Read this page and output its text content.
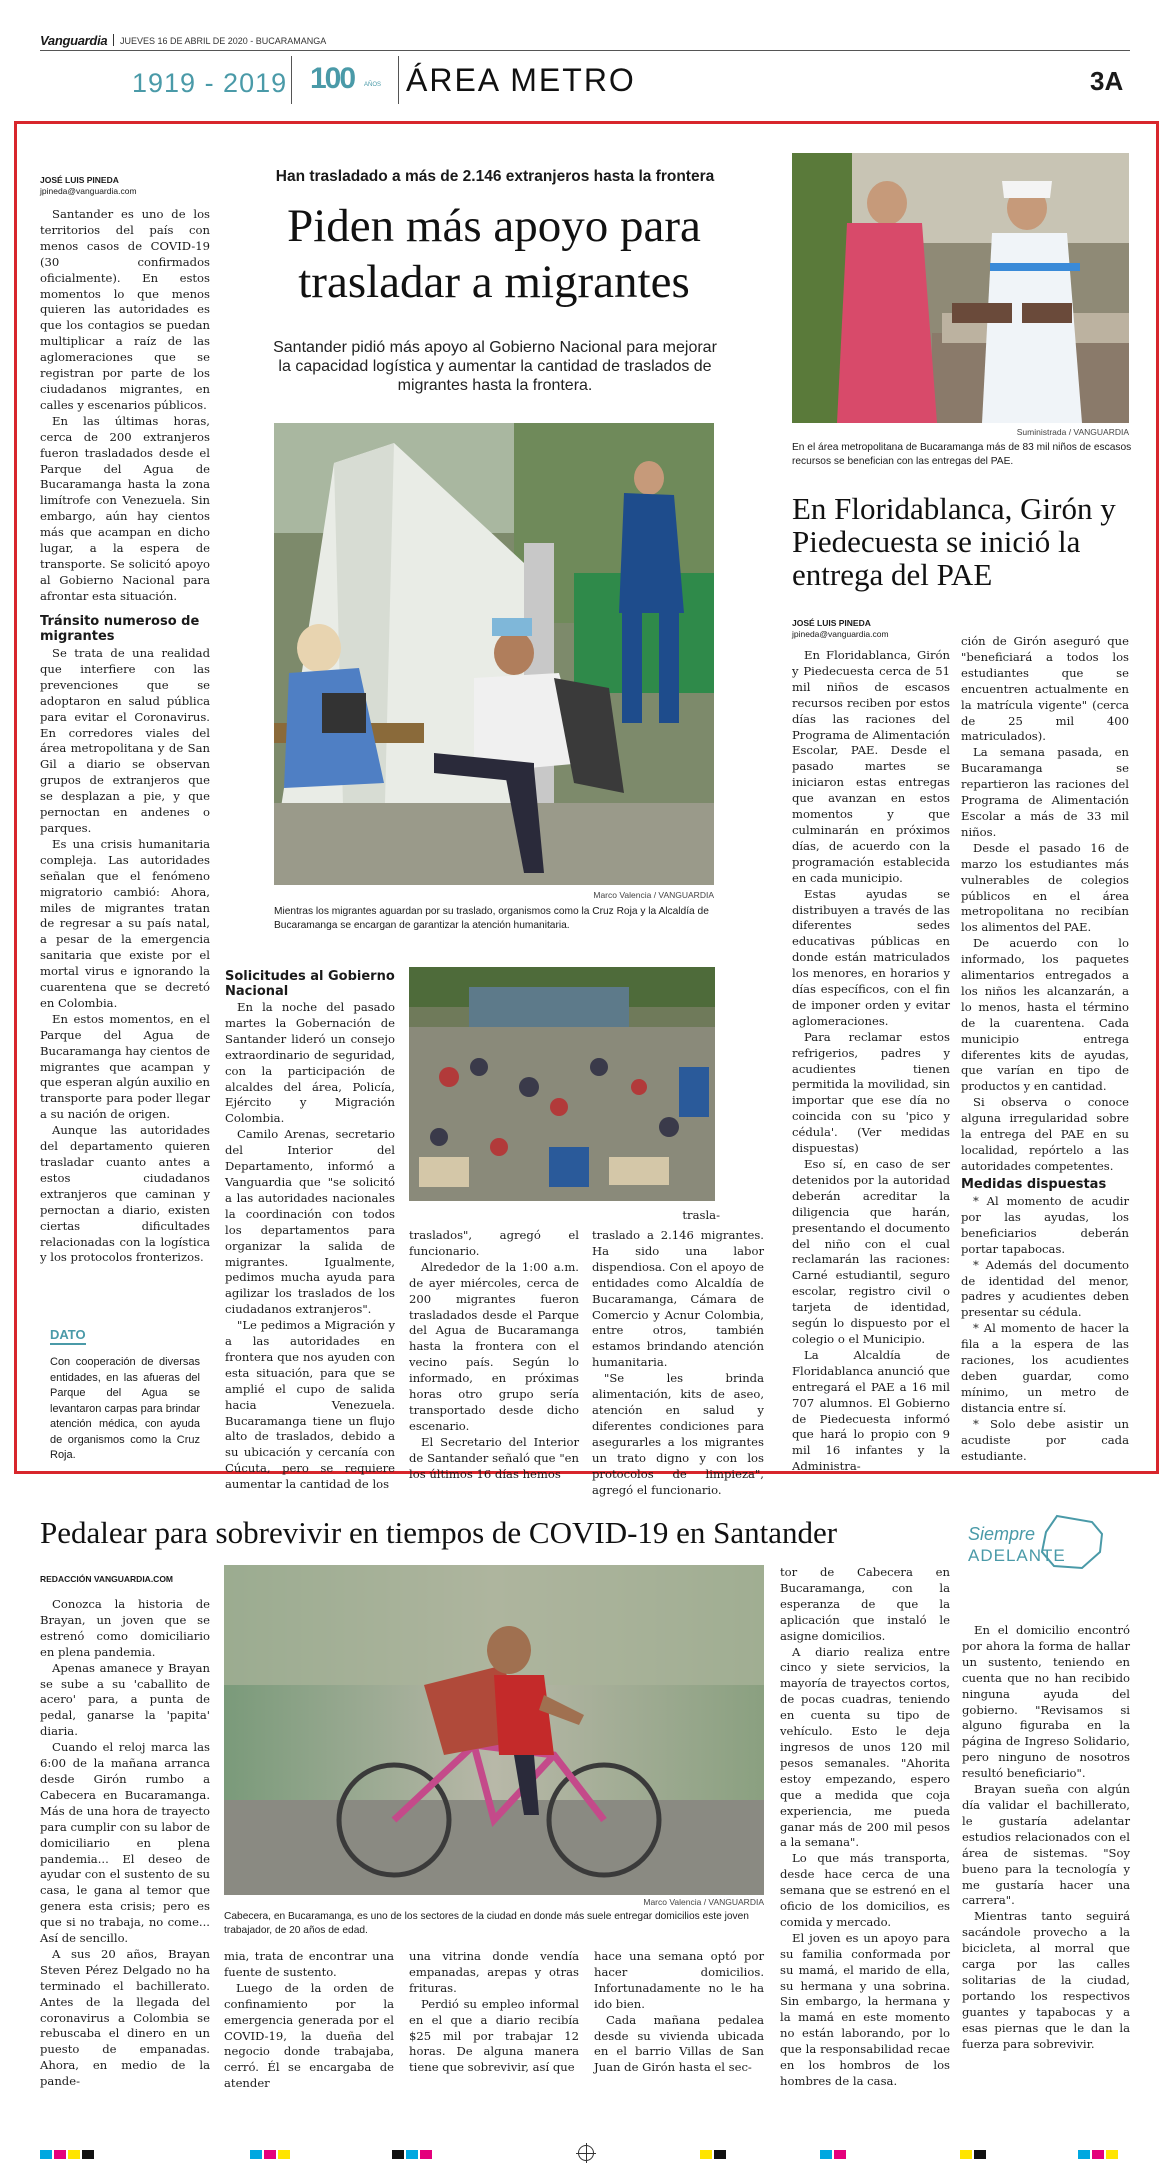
Vanguardia JUEVES 16 DE ABRIL DE 2020 - BUCARAMANGA
1919 - 2019 100 AÑOS ÁREA METRO	3A
JOSÉ LUIS PINEDA
jpineda@vanguardia.com

Santander es uno de los territorios del país con menos casos de COVID-19 (30 confirmados oficialmente). En estos momentos lo que menos quieren las autoridades es que los contagios se puedan multiplicar a raíz de las aglomeraciones que se registran por parte de los ciudadanos migrantes, en calles y escenarios públicos.

En las últimas horas, cerca de 200 extranjeros fueron trasladados desde el Parque del Agua de Bucaramanga hasta la zona limítrofe con Venezuela. Sin embargo, aún hay cientos más que acampan en dicho lugar, a la espera de transporte. Se solicitó apoyo al Gobierno Nacional para afrontar esta situación.

Tránsito numeroso de migrantes

Se trata de una realidad que interfiere con las prevenciones que se adoptaron en salud pública para evitar el Coronavirus. En corredores viales del área metropolitana y de San Gil a diario se observan grupos de extranjeros que se desplazan a pie, y que pernoctan en andenes o parques.

Es una crisis humanitaria compleja. Las autoridades señalan que el fenómeno migratorio cambió: Ahora, miles de migrantes tratan de regresar a su país natal, a pesar de la emergencia sanitaria que existe por el mortal virus e ignorando la cuarentena que se decretó en Colombia.

En estos momentos, en el Parque del Agua de Bucaramanga hay cientos de migrantes que acampan y que esperan algún auxilio en transporte para poder llegar a su nación de origen.

Aunque las autoridades del departamento quieren trasladar cuanto antes a estos ciudadanos extranjeros que caminan y pernoctan a diario, existen ciertas dificultades relacionadas con la logística y los protocolos fronterizos.

DATO
Con cooperación de diversas entidades, en las afueras del Parque del Agua se levantaron carpas para brindar atención médica, con ayuda de organismos como la Cruz Roja.
Han trasladado a más de 2.146 extranjeros hasta la frontera
Piden más apoyo para trasladar a migrantes
Santander pidió más apoyo al Gobierno Nacional para mejorar la capacidad logística y aumentar la cantidad de traslados de migrantes hasta la frontera.
Marco Valencia / VANGUARDIA
Mientras los migrantes aguardan por su traslado, organismos como la Cruz Roja y la Alcaldía de Bucaramanga se encargan de garantizar la atención humanitaria.
Solicitudes al Gobierno Nacional

En la noche del pasado martes la Gobernación de Santander lideró un consejo extraordinario de seguridad, con la participación de alcaldes del área, Policía, Ejército y Migración Colombia.

Camilo Arenas, secretario del Interior del Departamento, informó a Vanguardia que "se solicitó a las autoridades nacionales la coordinación con todos los departamentos para organizar la salida de migrantes. Igualmente, pedimos mucha ayuda para agilizar los traslados de los ciudadanos extranjeros".

"Le pedimos a Migración y a las autoridades en frontera que nos ayuden con esta situación, para que se amplié el cupo de salida hacia Venezuela. Bucaramanga tiene un flujo alto de traslados, debido a su ubicación y cercanía con Cúcuta, pero se requiere aumentar la cantidad de los

traslados", agregó el funcionario.

Alrededor de la 1:00 a.m. de ayer miércoles, cerca de 200 migrantes fueron trasladados desde el Parque del Agua de Bucaramanga hasta la frontera con el vecino país. Según lo informado, en próximas horas otro grupo sería transportado desde dicho escenario.

El Secretario del Interior de Santander señaló que "en los últimos 16 días hemos

trasla-

traslado a 2.146 migrantes. Ha sido una labor dispendiosa. Con el apoyo de entidades como Alcaldía de Bucaramanga, Cámara de Comercio y Acnur Colombia, entre otros, también estamos brindando atención humanitaria.

"Se les brinda alimentación, kits de aseo, atención en salud y diferentes condiciones para asegurarles a los migrantes un trato digno y con los protocolos de limpieza", agregó el funcionario.

Suministrada / VANGUARDIA
En el área metropolitana de Bucaramanga más de 83 mil niños de escasos recursos se benefician con las entregas del PAE.
En Floridablanca, Girón y Piedecuesta se inició la entrega del PAE
JOSÉ LUIS PINEDA
jpineda@vanguardia.com

En Floridablanca, Girón y Piedecuesta cerca de 51 mil niños de escasos recursos reciben por estos días las raciones del Programa de Alimentación Escolar, PAE. Desde el pasado martes se iniciaron estas entregas que avanzan en estos momentos y que culminarán en próximos días, de acuerdo con la programación establecida en cada municipio.

Estas ayudas se distribuyen a través de las diferentes sedes educativas públicas en donde están matriculados los menores, en horarios y días específicos, con el fin de imponer orden y evitar aglomeraciones.

Para reclamar estos refrigerios, padres y acudientes tienen permitida la movilidad, sin importar que ese día no coincida con su 'pico y cédula'. (Ver medidas dispuestas)

Eso sí, en caso de ser detenidos por la autoridad deberán acreditar la diligencia que harán, presentando el documento del niño con el cual reclamarán las raciones: Carné estudiantil, seguro escolar, registro civil o tarjeta de identidad, según lo dispuesto por el colegio o el Municipio.

La Alcaldía de Floridablanca anunció que entregará el PAE a 16 mil 707 alumnos. El Gobierno de Piedecuesta informó que hará lo propio con 9 mil 16 infantes y la Administra-

ción de Girón aseguró que "beneficiará a todos los estudiantes que se encuentren actualmente en la matrícula vigente" (cerca de 25 mil 400 matriculados).

La semana pasada, en Bucaramanga se repartieron las raciones del Programa de Alimentación Escolar a más de 33 mil niños.

Desde el pasado 16 de marzo los estudiantes más vulnerables de colegios públicos en el área metropolitana no recibían los alimentos del PAE.

De acuerdo con lo informado, los paquetes alimentarios entregados a los niños les alcanzarán, a lo menos, hasta el término de la cuarentena. Cada municipio entrega diferentes kits de ayudas, que varían en tipo de productos y en cantidad.

Si observa o conoce alguna irregularidad sobre la entrega del PAE en su localidad, repórtelo a las autoridades competentes.

Medidas dispuestas

* Al momento de acudir por las ayudas, los beneficiarios deberán portar tapabocas.

* Además del documento de identidad del menor, padres y acudientes deben presentar su cédula.

* Al momento de hacer la fila a la espera de las raciones, los acudientes deben guardar, como mínimo, un metro de distancia entre sí.

* Solo debe asistir un acudiste por cada estudiante.

Pedalear para sobrevivir en tiempos de COVID-19 en Santander	Siempre
ADELANTE
REDACCIÓN VANGUARDIA.COM

Conozca la historia de Brayan, un joven que se estrenó como domiciliario en plena pandemia.

Apenas amanece y Brayan se sube a su 'caballito de acero' para, a punta de pedal, ganarse la 'papita' diaria.

Cuando el reloj marca las 6:00 de la mañana arranca desde Girón rumbo a Cabecera en Bucaramanga. Más de una hora de trayecto para cumplir con su labor de domiciliario en plena pandemia... El deseo de ayudar con el sustento de su casa, le gana al temor que genera esta crisis; pero es que si no trabaja, no come... Así de sencillo.

A sus 20 años, Brayan Steven Pérez Delgado no ha terminado el bachillerato. Antes de la llegada del coronavirus a Colombia se rebuscaba el dinero en un puesto de empanadas. Ahora, en medio de la pande-

Marco Valencia / VANGUARDIA
Cabecera, en Bucaramanga, es uno de los sectores de la ciudad en donde más suele entregar domicilios este joven trabajador, de 20 años de edad.

mia, trata de encontrar una fuente de sustento.

Luego de la orden de confinamiento por la emergencia generada por el COVID-19, la dueña del negocio donde trabajaba, cerró. Él se encargaba de atender

una vitrina donde vendía empanadas, arepas y otras frituras.

Perdió su empleo informal en el que a diario recibía $25 mil por trabajar 12 horas. De alguna manera tiene que sobrevivir, así que

hace una semana optó por hacer domicilios. Infortunadamente no le ha ido bien.

Cada mañana pedalea desde su vivienda ubicada en el barrio Villas de San Juan de Girón hasta el sec-

tor de Cabecera en Bucaramanga, con la esperanza de que la aplicación que instaló le asigne domicilios.

A diario realiza entre cinco y siete servicios, la mayoría de trayectos cortos, de pocas cuadras, teniendo en cuenta su tipo de vehículo. Esto le deja ingresos de unos 120 mil pesos semanales. "Ahorita estoy empezando, espero que a medida que coja experiencia, me pueda ganar más de 200 mil pesos a la semana".

Lo que más transporta, desde hace cerca de una semana que se estrenó en el oficio de los domicilios, es comida y mercado.

El joven es un apoyo para su familia conformada por su mamá, el marido de ella, su hermana y una sobrina. Sin embargo, la hermana y la mamá en este momento no están laborando, por lo que la responsabilidad recae en los hombros de los hombres de la casa.

En el domicilio encontró por ahora la forma de hallar un sustento, teniendo en cuenta que no han recibido ninguna ayuda del gobierno. "Revisamos si alguno figuraba en la página de Ingreso Solidario, pero ninguno de nosotros resultó beneficiario".

Brayan sueña con algún día validar el bachillerato, le gustaría adelantar estudios relacionados con el área de sistemas. "Soy bueno para la tecnología y me gustaría hacer una carrera".

Mientras tanto seguirá sacándole provecho a la bicicleta, al morral que carga por las calles solitarias de la ciudad, portando los respectivos guantes y tapabocas y a esas piernas que le dan la fuerza para sobrevivir.
